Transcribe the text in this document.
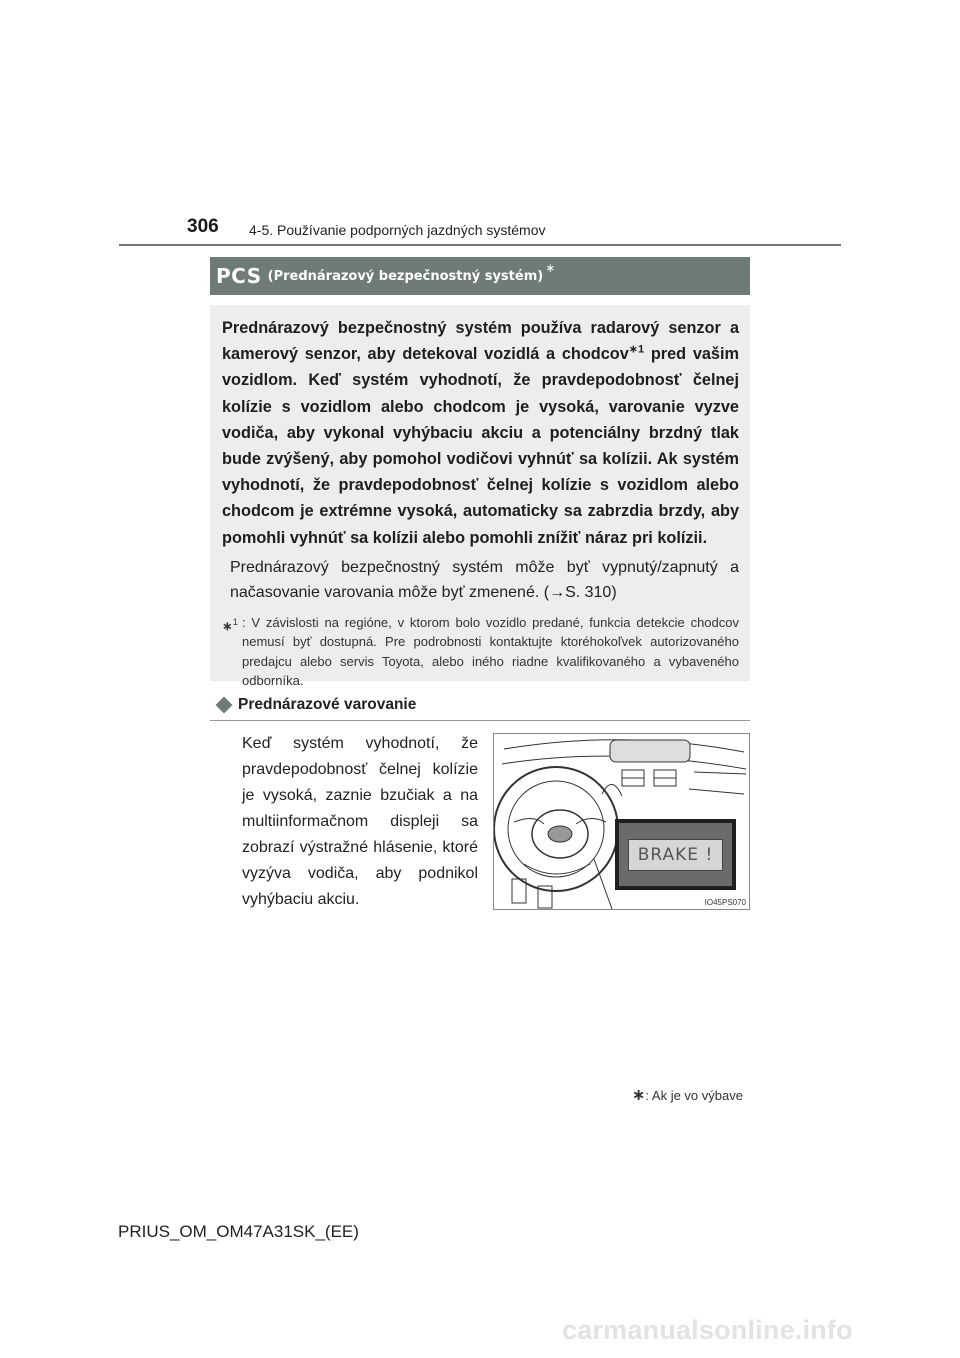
306 4-5. Používanie podporných jazdných systémov
PCS (Prednárazový bezpečnostný systém)
∗
Prednárazový bezpečnostný systém používa radarový senzor a kamerový senzor, aby detekoval vozidlá a chodcov$^{∗1}$ pred vašim vozidlom. Keď systém vyhodnotí, že pravdepodobnosť čelnej kolízie s vozidlom alebo chodcom je vysoká, varovanie vyzve vodiča, aby vykonal vyhýbaciu akciu a potenciálny brzdný tlak bude zvýšený, aby pomohol vodičovi vyhnúť sa kolízii. Ak systém vyhodnotí, že pravdepodobnosť čelnej kolízie s vozidlom alebo chodcom je extrémne vysoká, automaticky sa zabrzdia brzdy, aby pomohli vyhnúť sa kolízii alebo pomohli znížiť náraz pri kolízii.
Prednárazový bezpečnostný systém môže byť vypnutý/zapnutý a načasovanie varovania môže byť zmenené. (→S. 310)
∗$^1$ : V závislosti na regióne, v ktorom bolo vozidlo predané, funkcia detekcie chodcov nemusí byť dostupná. Pre podrobnosti kontaktujte ktoréhokoľvek autorizovaného predajcu alebo servis Toyota, alebo iného riadne kvalifikovaného a vybaveného odborníka.
Prednárazové varovanie
Keď systém vyhodnotí, že pravdepodobnosť čelnej kolízie je vysoká, zaznie bzučiak a na multiinformačnom displeji sa zobrazí výstražné hlásenie, ktoré vyzýva vodiča, aby podnikol vyhýbaciu akciu.
BRAKE !
IO45PS070
∗: Ak je vo výbave
PRIUS_OM_OM47A31SK_(EE)
carmanualsonline.info
